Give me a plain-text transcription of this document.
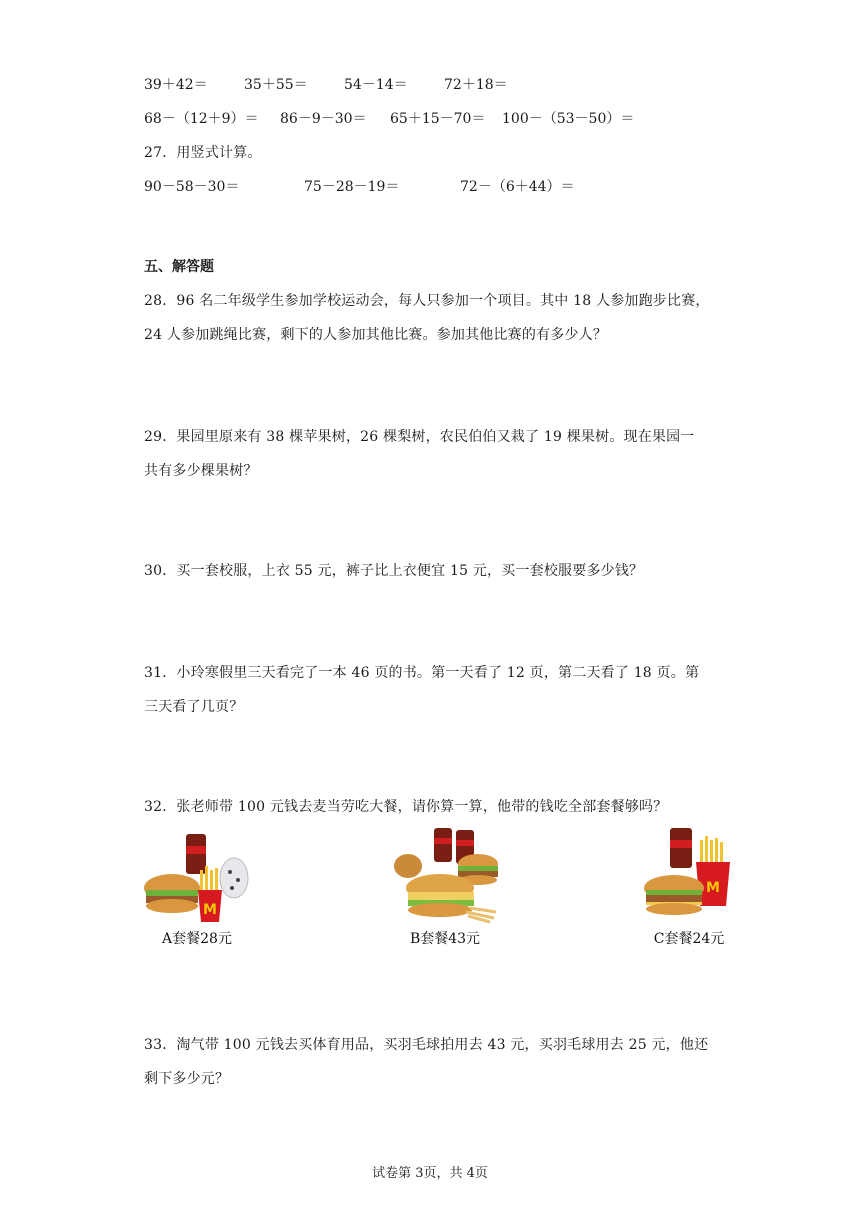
39＋42＝	35＋55＝	54－14＝	72＋18＝
68－（12＋9）＝ 86－9－30＝ 65＋15－70＝ 100－（53－50）＝
27．用竖式计算。
90－58－30＝	75－28－19＝	72－（6＋44）＝
五、解答题
28．96 名二年级学生参加学校运动会，每人只参加一个项目。其中 18 人参加跑步比赛，
24 人参加跳绳比赛，剩下的人参加其他比赛。参加其他比赛的有多少人？
29．果园里原来有 38 棵苹果树，26 棵梨树，农民伯伯又栽了 19 棵果树。现在果园一
共有多少棵果树？
30．买一套校服，上衣 55 元，裤子比上衣便宜 15 元，买一套校服要多少钱？
31．小玲寒假里三天看完了一本 46 页的书。第一天看了 12 页，第二天看了 18 页。第
三天看了几页？
32．张老师带 100 元钱去麦当劳吃大餐，请你算一算，他带的钱吃全部套餐够吗？
M
A套餐28元	B套餐43元
M
C套餐24元
33．淘气带 100 元钱去买体育用品，买羽毛球拍用去 43 元，买羽毛球用去 25 元，他还
剩下多少元？
试卷第 3页，共 4页
